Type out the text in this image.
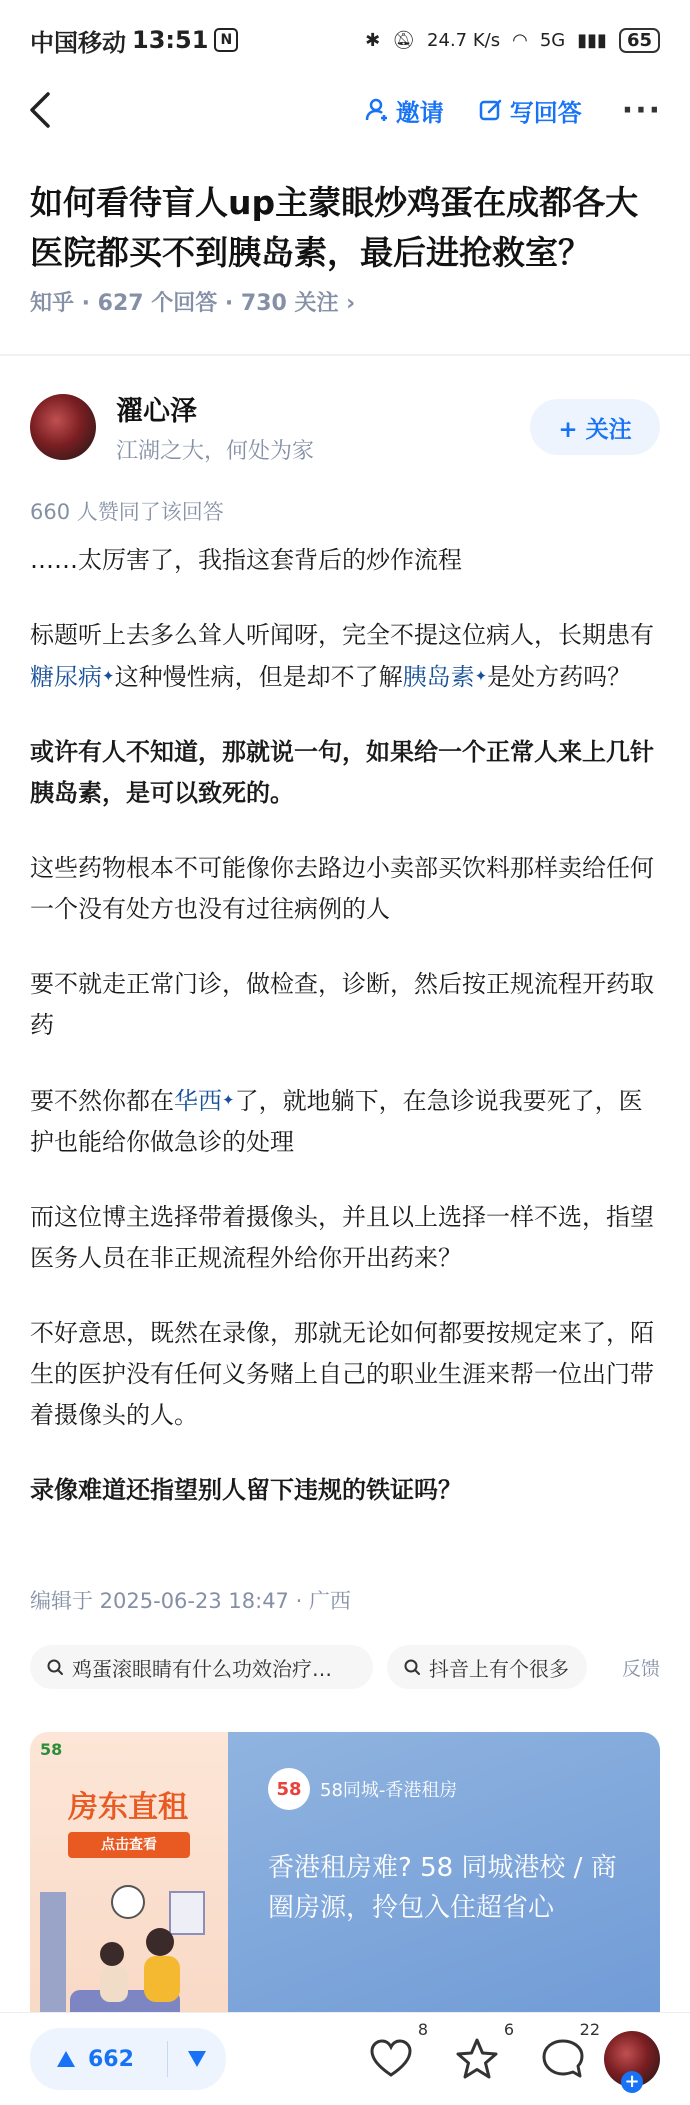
中国移动 13:51 N	✱ 🔕︎ 24.7 K/s ◠ 5G ▮▮▮	65
邀请	写回答 ···
如何看待盲人up主蒙眼炒鸡蛋在成都各大医院都买不到胰岛素，最后进抢救室？
知乎 · 627 个回答 · 730 关注 ›
濯心泽
江湖之大，何处为家
+ 关注
660 人赞同了该回答

……太厉害了，我指这套背后的炒作流程

标题听上去多么耸人听闻呀，完全不提这位病人，长期患有糖尿病✦这种慢性病，但是却不了解胰岛素✦是处方药吗？

或许有人不知道，那就说一句，如果给一个正常人来上几针胰岛素，是可以致死的。

这些药物根本不可能像你去路边小卖部买饮料那样卖给任何一个没有处方也没有过往病例的人

要不就走正常门诊，做检查，诊断，然后按正规流程开药取药

要不然你都在华西✦了，就地躺下，在急诊说我要死了，医护也能给你做急诊的处理

而这位博主选择带着摄像头，并且以上选择一样不选，指望医务人员在非正规流程外给你开出药来？

不好意思，既然在录像，那就无论如何都要按规定来了，陌生的医护没有任何义务赌上自己的职业生涯来帮一位出门带着摄像头的人。

录像难道还指望别人留下违规的铁证吗？

编辑于 2025-06-23 18:47 · 广西
鸡蛋滚眼睛有什么功效治疗…	抖音上有个很多	反馈
58
房东直租
点击查看
58	58同城-香港租房
香港租房难? 58 同城港校 / 商圈房源，拎包入住超省心
662
8	6	22
+
